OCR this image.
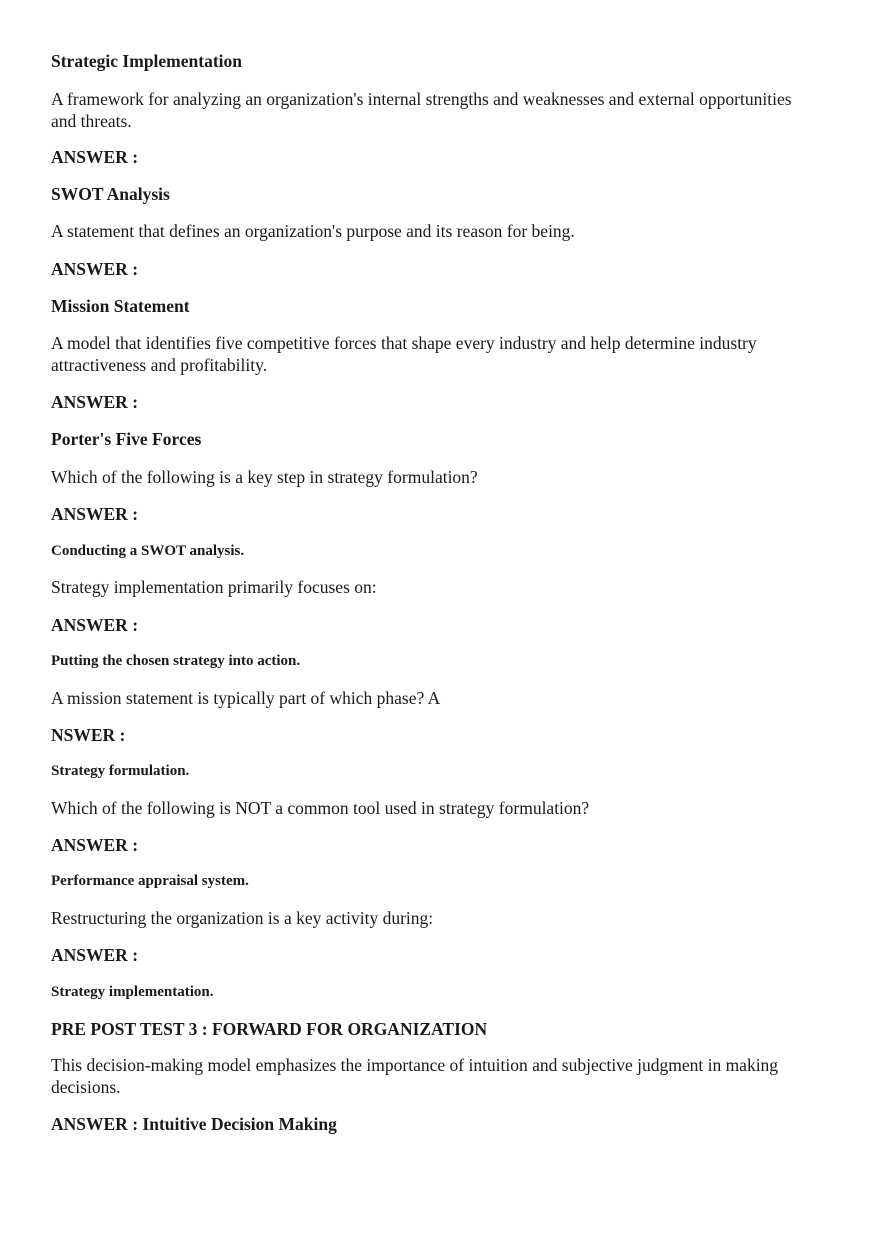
Strategic Implementation

A framework for analyzing an organization's internal strengths and weaknesses and external opportunities and threats.

ANSWER :

SWOT Analysis

A statement that defines an organization's purpose and its reason for being.

ANSWER :

Mission Statement

A model that identifies five competitive forces that shape every industry and help determine industry attractiveness and profitability.

ANSWER :

Porter's Five Forces

Which of the following is a key step in strategy formulation?

ANSWER :

Conducting a SWOT analysis.

Strategy implementation primarily focuses on:

ANSWER :

Putting the chosen strategy into action.

A mission statement is typically part of which phase? A

NSWER :

Strategy formulation.

Which of the following is NOT a common tool used in strategy formulation?

ANSWER :

Performance appraisal system.

Restructuring the organization is a key activity during:

ANSWER :

Strategy implementation.

PRE POST TEST 3 : FORWARD FOR ORGANIZATION

This decision-making model emphasizes the importance of intuition and subjective judgment in making decisions.

ANSWER : Intuitive Decision Making
